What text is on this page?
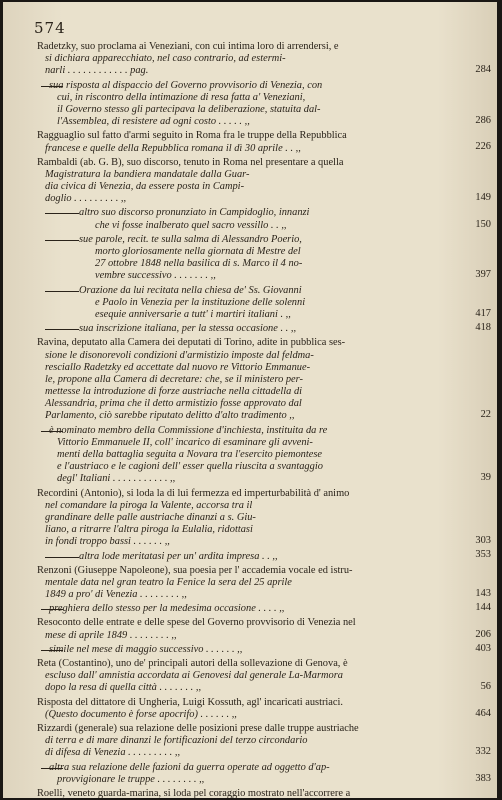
574
Radetzky, suo proclama ai Veneziani, con cui intima loro di arrendersi, e
si dichiara apparecchiato, nel caso contrario, ad estermi-
narli . . . . . . . . . . . . pag.	284
sua risposta al dispaccio del Governo provvisorio di Venezia, con
cui, in riscontro della intimazione di resa fatta a' Veneziani,
il Governo stesso gli partecipava la deliberazione, statuita dal-
l'Assemblea, di resistere ad ogni costo . . . . . ,,	286
Ragguaglio sul fatto d'armi seguito in Roma fra le truppe della Repubblica
francese e quelle della Repubblica romana il dì 30 aprile . . ,,	226
Rambaldi (ab. G. B), suo discorso, tenuto in Roma nel presentare a quella
Magistratura la bandiera mandatale dalla Guar-
dia civica di Venezia, da essere posta in Campi-
doglio . . . . . . . . . ,,	149
altro suo discorso pronunziato in Campidoglio, innanzi
che vi fosse inalberato quel sacro vessillo . . ,,	150
sue parole, recit. te sulla salma di Alessandro Poerio,
morto gloriosamente nella giornata di Mestre del
27 ottobre 1848 nella basilica di s. Marco il 4 no-
vembre successivo . . . . . . . ,,	397
Orazione da lui recitata nella chiesa de' Ss. Giovanni
e Paolo in Venezia per la instituzione delle solenni
esequie anniversarie a tutt' i martiri italiani . ,,	417
sua inscrizione italiana, per la stessa occasione . . ,,	418
Ravina, deputato alla Camera dei deputati di Torino, adite in pubblica ses-
sione le disonorevoli condizioni d'armistizio imposte dal feldma-
resciallo Radetzky ed accettate dal nuovo re Vittorio Emmanue-
le, propone alla Camera di decretare: che, se il ministero per-
mettesse la introduzione di forze austriache nella cittadella di
Alessandria, prima che il detto armistizio fosse approvato dal
Parlamento, ciò sarebbe riputato delitto d'alto tradimento ,,	22
è nominato membro della Commissione d'inchiesta, instituita da re
Vittorio Emmanuele II, coll' incarico di esaminare gli avveni-
menti della battaglia seguita a Novara tra l'esercito piemontese
e l'austriaco e le cagioni dell' esser quella riuscita a svantaggio
degl' Italiani . . . . . . . . . . . ,,	39
Recordini (Antonio), si loda la di lui fermezza ed imperturbabilità d' animo
nel comandare la piroga la Valente, accorsa tra il
grandinare delle palle austriache dinanzi a s. Giu-
liano, a ritrarre l'altra piroga la Eulalia, ridottasi
in fondi troppo bassi . . . . . . ,,	303
altra lode meritatasi per un' ardita impresa . . ,,	353
Renzoni (Giuseppe Napoleone), sua poesia per l' accademia vocale ed istru-
mentale data nel gran teatro la Fenice la sera del 25 aprile
1849 a pro' di Venezia . . . . . . . . ,,	143
preghiera dello stesso per la medesima occasione . . . . ,,	144
Resoconto delle entrate e delle spese del Governo provvisorio di Venezia nel
mese di aprile 1849 . . . . . . . . ,,	206
simile nel mese di maggio successivo . . . . . . ,,	403
Reta (Costantino), uno de' principali autori della sollevazione di Genova, è
escluso dall' amnistia accordata ai Genovesi dal generale La-Marmora
dopo la resa di quella città . . . . . . . ,,	56
Risposta del dittatore di Ungheria, Luigi Kossuth, agl' incaricati austriaci.
(Questo documento è forse apocrifo) . . . . . . ,,	464
Rizzardi (generale) sua relazione delle posizioni prese dalle truppe austriache
di terra e di mare dinanzi le fortificazioni del terzo circondario
di difesa di Venezia . . . . . . . . . ,,	332
altra sua relazione delle fazioni da guerra operate ad oggetto d'ap-
provvigionare le truppe . . . . . . . . ,,	383
Roelli, veneto guarda-marina, si loda pel coraggio mostrato nell'accorrere a
